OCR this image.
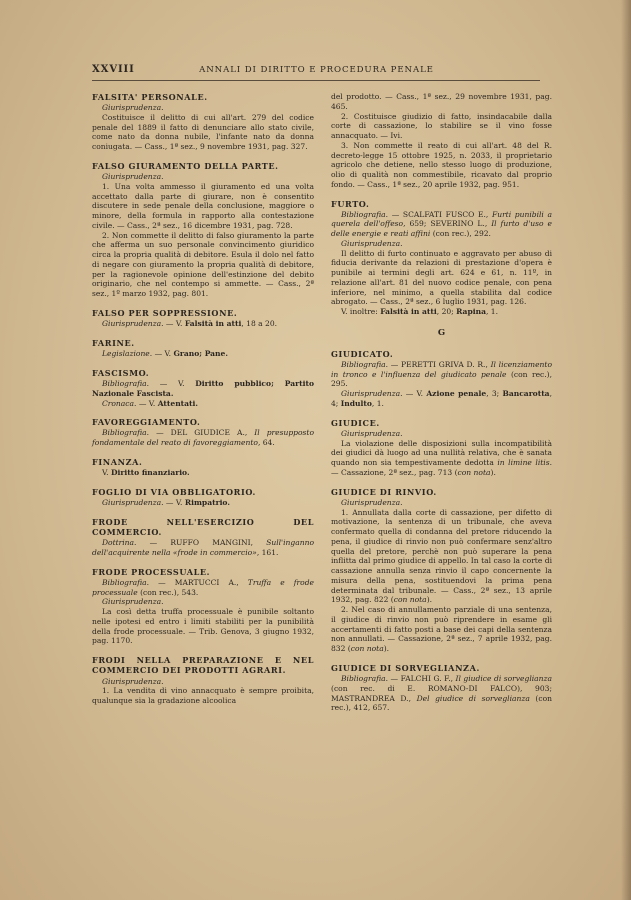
XXVIII	ANNALI DI DIRITTO E PROCEDURA PENALE
FALSITA' PERSONALE.
Giurisprudenza.
Costituisce il delitto di cui all'art. 279 del codice penale del 1889 il fatto di denunciare allo stato civile, come nato da donna nubile, l'infante nato da donna coniugata. — Cass., 1ª sez., 9 novembre 1931, pag. 327.
FALSO GIURAMENTO DELLA PARTE.
Giurisprudenza.
1. Una volta ammesso il giuramento ed una volta accettato dalla parte di giurare, non è consentito discutere in sede penale della conclusione, maggiore o minore, della formula in rapporto alla contestazione civile. — Cass., 2ª sez., 16 dicembre 1931, pag. 728.
2. Non commette il delitto di falso giuramento la parte che afferma un suo personale convincimento giuridico circa la propria qualità di debitore. Esula il dolo nel fatto di negare con giuramento la propria qualità di debitore, per la ragionevole opinione dell'estinzione del debito originario, che nel contempo si ammette. — Cass., 2ª sez., 1º marzo 1932, pag. 801.
FALSO PER SOPPRESSIONE.
Giurisprudenza. — V. Falsità in atti, 18 a 20.
FARINE.
Legislazione. — V. Grano; Pane.
FASCISMO.
Bibliografia. — V. Diritto pubblico; Partito Nazionale Fascista.
Cronaca. — V. Attentati.
FAVOREGGIAMENTO.
Bibliografia. — DEL GIUDICE A., Il presupposto fondamentale del reato di favoreggiamento, 64.
FINANZA.
V. Diritto finanziario.
FOGLIO DI VIA OBBLIGATORIO.
Giurisprudenza. — V. Rimpatrio.
FRODE NELL'ESERCIZIO DEL COMMERCIO.
Dottrina. — RUFFO MANGINI, Sull'inganno dell'acquirente nella «frode in commercio», 161.
FRODE PROCESSUALE.
Bibliografia. — MARTUCCI A., Truffa e frode processuale (con rec.), 543.
Giurisprudenza.
La così detta truffa processuale è punibile soltanto nelle ipotesi ed entro i limiti stabiliti per la punibilità della frode processuale. — Trib. Genova, 3 giugno 1932, pag. 1170.
FRODI NELLA PREPARAZIONE E NEL COMMERCIO DEI PRODOTTI AGRARI.
Giurisprudenza.
1. La vendita di vino annacquato è sempre proibita, qualunque sia la gradazione alcoolica
del prodotto. — Cass., 1ª sez., 29 novembre 1931, pag. 465.
2. Costituisce giudizio di fatto, insindacabile dalla corte di cassazione, lo stabilire se il vino fosse annacquato. — Ivi.
3. Non commette il reato di cui all'art. 48 del R. decreto-legge 15 ottobre 1925, n. 2033, il proprietario agricolo che detiene, nello stesso luogo di produzione, olio di qualità non commestibile, ricavato dal proprio fondo. — Cass., 1ª sez., 20 aprile 1932, pag. 951.
FURTO.
Bibliografia. — SCALFATI FUSCO E., Furti punibili a querela dell'offeso, 659; SEVERINO L., Il furto d'uso e delle energie e reati affini (con rec.), 292.
Giurisprudenza.
Il delitto di furto continuato e aggravato per abuso di fiducia derivante da relazioni di prestazione d'opera è punibile ai termini degli art. 624 e 61, n. 11º, in relazione all'art. 81 del nuovo codice penale, con pena inferiore, nel minimo, a quella stabilita dal codice abrogato. — Cass., 2ª sez., 6 luglio 1931, pag. 126.
V. inoltre: Falsità in atti, 20; Rapina, 1.
G
GIUDICATO.
Bibliografia. — PERETTI GRIVA D. R., Il licenziamento in tronco e l'influenza del giudicato penale (con rec.), 295.
Giurisprudenza. — V. Azione penale, 3; Bancarotta, 4; Indulto, 1.
GIUDICE.
Giurisprudenza.
La violazione delle disposizioni sulla incompatibilità dei giudici dà luogo ad una nullità relativa, che è sanata quando non sia tempestivamente dedotta in limine litis. — Cassazione, 2ª sez., pag. 713 (con nota).
GIUDICE DI RINVIO.
Giurisprudenza.
1. Annullata dalla corte di cassazione, per difetto di motivazione, la sentenza di un tribunale, che aveva confermato quella di condanna del pretore riducendo la pena, il giudice di rinvio non può confermare senz'altro quella del pretore, perchè non può superare la pena inflitta dal primo giudice di appello. In tal caso la corte di cassazione annulla senza rinvio il capo concernente la misura della pena, sostituendovi la prima pena determinata dal tribunale. — Cass., 2ª sez., 13 aprile 1932, pag. 822 (con nota).
2. Nel caso di annullamento parziale di una sentenza, il giudice di rinvio non può riprendere in esame gli accertamenti di fatto posti a base dei capi della sentenza non annullati. — Cassazione, 2ª sez., 7 aprile 1932, pag. 832 (con nota).
GIUDICE DI SORVEGLIANZA.
Bibliografia. — FALCHI G. F., Il giudice di sorveglianza (con rec. di E. ROMANO-DI FALCO), 903; MASTRANDREA D., Del giudice di sorveglianza (con rec.), 412, 657.
